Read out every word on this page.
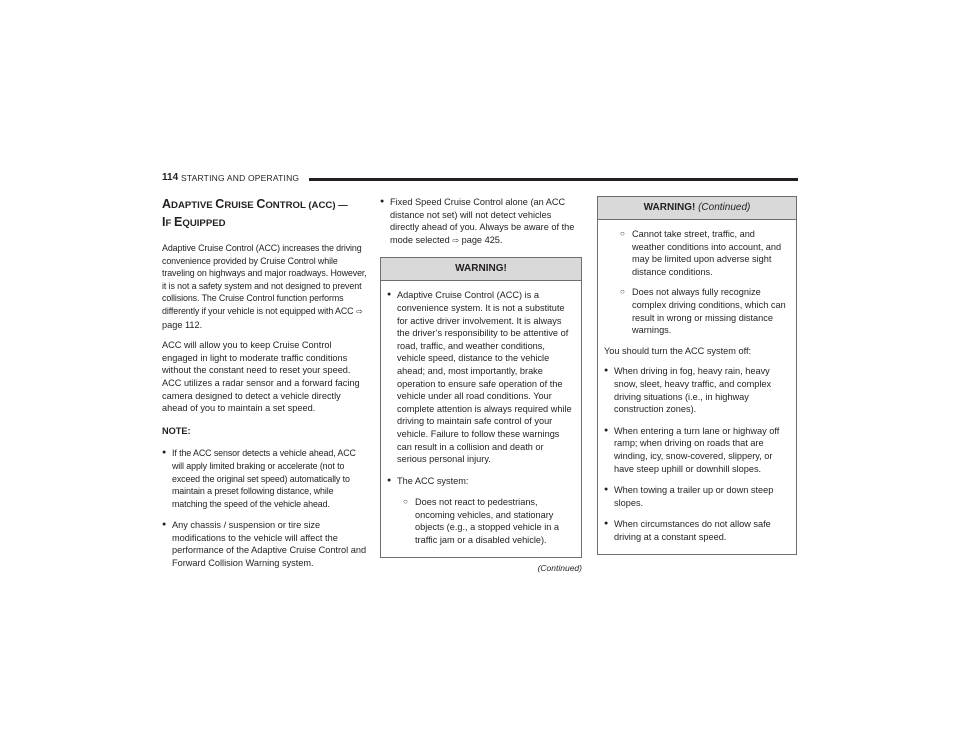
114 STARTING AND OPERATING
ADAPTIVE CRUISE CONTROL (ACC) —
IF EQUIPPED

Adaptive Cruise Control (ACC) increases the driving convenience provided by Cruise Control while traveling on highways and major roadways. However, it is not a safety system and not designed to prevent collisions. The Cruise Control function performs differently if your vehicle is not equipped with ACC ⇨ page 112.

ACC will allow you to keep Cruise Control engaged in light to moderate traffic conditions without the constant need to reset your speed. ACC utilizes a radar sensor and a forward facing camera designed to detect a vehicle directly ahead of you to maintain a set speed.

NOTE:
● If the ACC sensor detects a vehicle ahead, ACC will apply limited braking or accelerate (not to exceed the original set speed) automatically to maintain a preset following distance, while matching the speed of the vehicle ahead.
● Any chassis / suspension or tire size modifications to the vehicle will affect the performance of the Adaptive Cruise Control and Forward Collision Warning system.
● Fixed Speed Cruise Control alone (an ACC distance not set) will not detect vehicles directly ahead of you. Always be aware of the mode selected ⇨ page 425.
WARNING!
● Adaptive Cruise Control (ACC) is a convenience system. It is not a substitute for active driver involvement. It is always the driver’s responsibility to be attentive of road, traffic, and weather conditions, vehicle speed, distance to the vehicle ahead; and, most importantly, brake operation to ensure safe operation of the vehicle under all road conditions. Your complete attention is always required while driving to maintain safe control of your vehicle. Failure to follow these warnings can result in a collision and death or serious personal injury.
● The ACC system:
○ Does not react to pedestrians, oncoming vehicles, and stationary objects (e.g., a stopped vehicle in a traffic jam or a disabled vehicle).
(Continued)
WARNING! (Continued)
○ Cannot take street, traffic, and weather conditions into account, and may be limited upon adverse sight distance conditions.
○ Does not always fully recognize complex driving conditions, which can result in wrong or missing distance warnings.

You should turn the ACC system off:

● When driving in fog, heavy rain, heavy snow, sleet, heavy traffic, and complex driving situations (i.e., in highway construction zones).
● When entering a turn lane or highway off ramp; when driving on roads that are winding, icy, snow-covered, slippery, or have steep uphill or downhill slopes.
● When towing a trailer up or down steep slopes.
● When circumstances do not allow safe driving at a constant speed.
